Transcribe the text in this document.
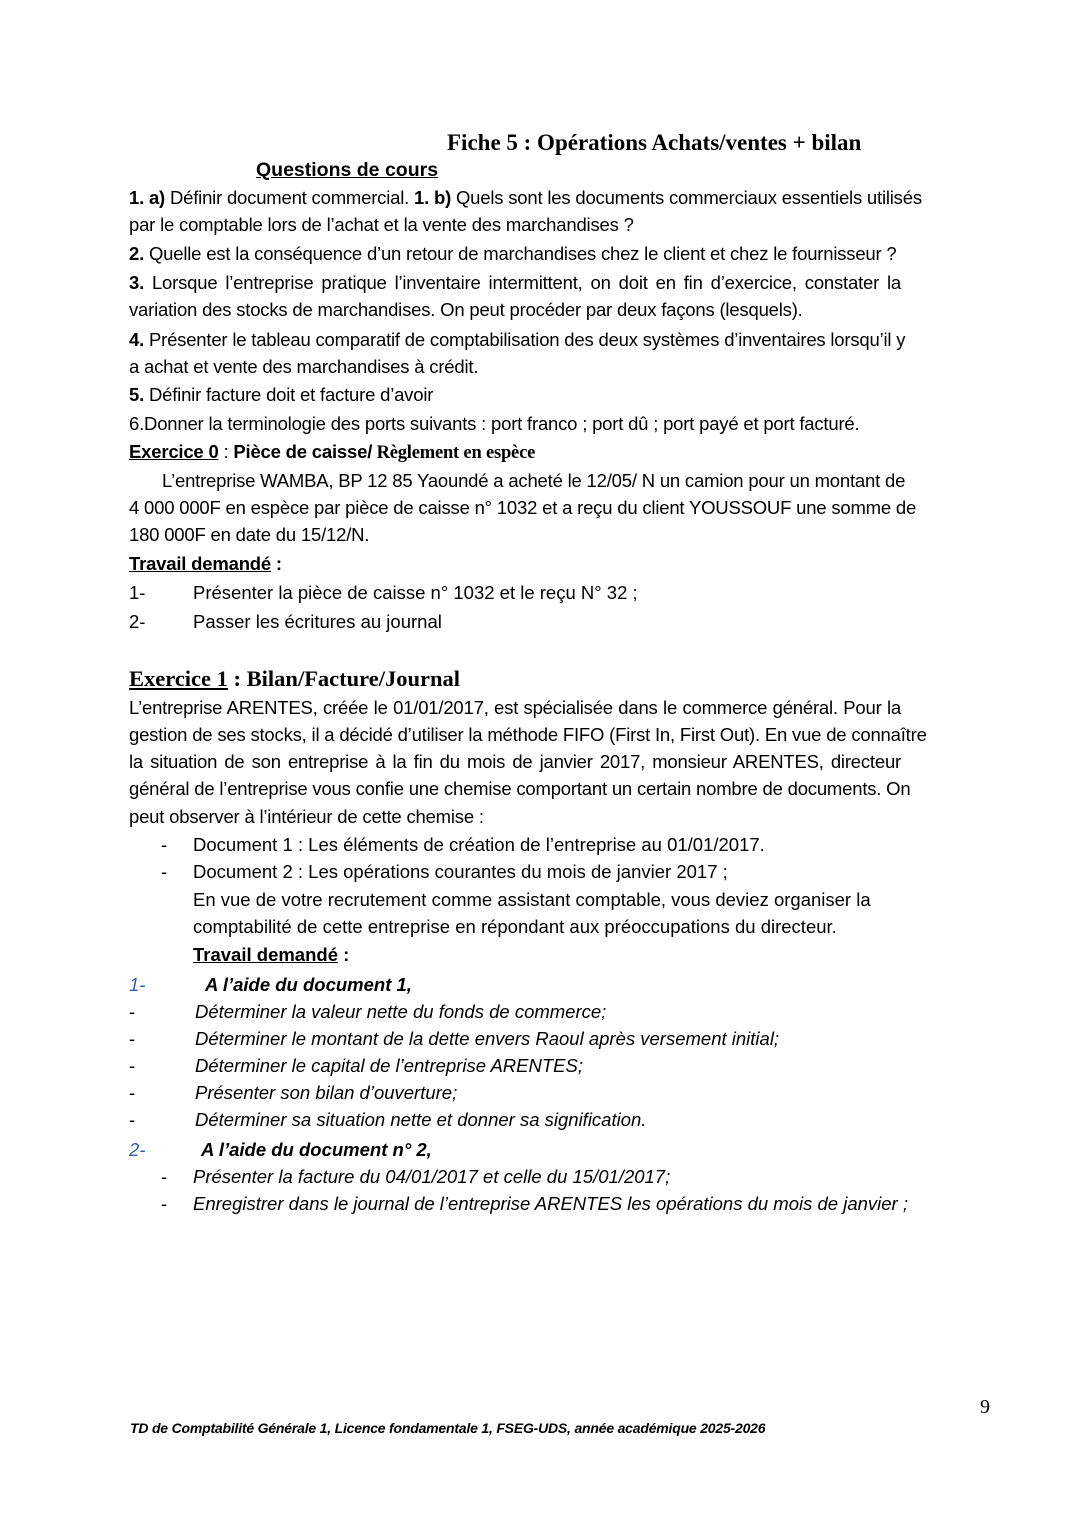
Fiche 5 : Opérations Achats/ventes + bilan
Questions de cours
1. a) Définir document commercial. 1. b) Quels sont les documents commerciaux essentiels utilisés
par le comptable lors de l’achat et la vente des marchandises ?
2. Quelle est la conséquence d’un retour de marchandises chez le client et chez le fournisseur ?
3. Lorsque l’entreprise pratique l’inventaire intermittent, on doit en fin d’exercice, constater la
variation des stocks de marchandises. On peut procéder par deux façons (lesquels).
4. Présenter le tableau comparatif de comptabilisation des deux systèmes d’inventaires lorsqu’il y
a achat et vente des marchandises à crédit.
5. Définir facture doit et facture d’avoir
6.Donner la terminologie des ports suivants : port franco ; port dû ; port payé et port facturé.
Exercice 0 : Pièce de caisse/ Règlement en espèce
L’entreprise WAMBA, BP 12 85 Yaoundé a acheté le 12/05/ N un camion pour un montant de
4 000 000F en espèce par pièce de caisse n° 1032 et a reçu du client YOUSSOUF une somme de
180 000F en date du 15/12/N.
Travail demandé :
1-	Présenter la pièce de caisse n° 1032 et le reçu N° 32 ;
2-	Passer les écritures au journal
Exercice 1 : Bilan/Facture/Journal
L’entreprise ARENTES, créée le 01/01/2017, est spécialisée dans le commerce général. Pour la
gestion de ses stocks, il a décidé d’utiliser la méthode FIFO (First In, First Out). En vue de connaître
la situation de son entreprise à la fin du mois de janvier 2017, monsieur ARENTES, directeur
général de l’entreprise vous confie une chemise comportant un certain nombre de documents. On
peut observer à l’intérieur de cette chemise :
- Document 1 : Les éléments de création de l’entreprise au 01/01/2017.
- Document 2 : Les opérations courantes du mois de janvier 2017 ;
En vue de votre recrutement comme assistant comptable, vous deviez organiser la
comptabilité de cette entreprise en répondant aux préoccupations du directeur.
Travail demandé :
1-	A l’aide du document 1,
-	Déterminer la valeur nette du fonds de commerce;
-	Déterminer le montant de la dette envers Raoul après versement initial;
-	Déterminer le capital de l’entreprise ARENTES;
-	Présenter son bilan d’ouverture;
-	Déterminer sa situation nette et donner sa signification.
2-	A l’aide du document n° 2,
- Présenter la facture du 04/01/2017 et celle du 15/01/2017;
- Enregistrer dans le journal de l’entreprise ARENTES les opérations du mois de janvier ;
9
TD de Comptabilité Générale 1, Licence fondamentale 1, FSEG-UDS, année académique 2025-2026
